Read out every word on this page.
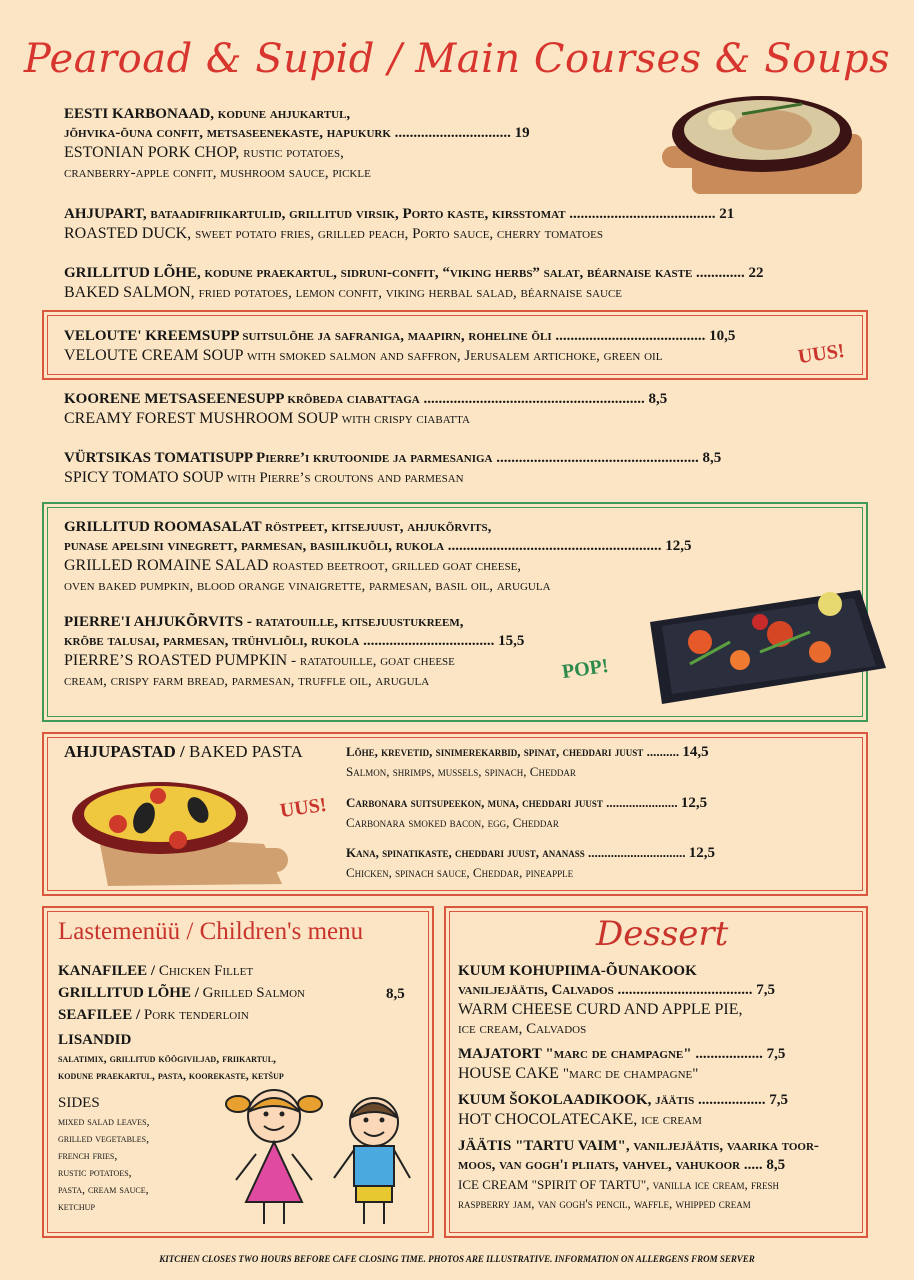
Pearoad & Supid / Main Courses & Soups
EESTI KARBONAAD, kodune ahjukartul,
jõhvika-õuna confit, metsaseenekaste, hapukurk ............................... 19
ESTONIAN PORK CHOP, rustic potatoes,
cranberry-apple confit, mushroom sauce, pickle
AHJUPART, bataadifriikartulid, grillitud virsik, Porto kaste, kirsstomat ....................................... 21
ROASTED DUCK, sweet potato fries, grilled peach, Porto sauce, cherry tomatoes
GRILLITUD LÕHE, kodune praekartul, sidruni-confit, “viking herbs” salat, béarnaise kaste ............. 22
BAKED SALMON, fried potatoes, lemon confit, viking herbal salad, béarnaise sauce
VELOUTE' KREEMSUPP suitsulõhe ja safraniga, maapirn, roheline õli ........................................ 10,5
VELOUTE CREAM SOUP with smoked salmon and saffron, Jerusalem artichoke, green oil	UUS!
KOORENE METSASEENESUPP krõbeda ciabattaga ........................................................... 8,5
CREAMY FOREST MUSHROOM SOUP with crispy ciabatta
VÜRTSIKAS TOMATISUPP Pierre’i krutoonide ja parmesaniga ...................................................... 8,5
SPICY TOMATO SOUP with Pierre’s croutons and parmesan
GRILLITUD ROOMASALAT röstpeet, kitsejuust, ahjukõrvits,
punase apelsini vinegrett, parmesan, basiilikuõli, rukola ......................................................... 12,5
GRILLED ROMAINE SALAD roasted beetroot, grilled goat cheese,
oven baked pumpkin, blood orange vinaigrette, parmesan, basil oil, arugula
PIERRE'I AHJUKÕRVITS - ratatouille, kitsejuustukreem,
krõbe talusai, parmesan, trühvliõli, rukola ................................... 15,5
PIERRE’S ROASTED PUMPKIN - ratatouille, goat cheese
cream, crispy farm bread, parmesan, truffle oil, arugula	POP!
AHJUPASTAD / BAKED PASTA
UUS!
Lõhe, krevetid, sinimerekarbid, spinat, cheddari juust .......... 14,5
Salmon, shrimps, mussels, spinach, Cheddar
Carbonara suitsupeekon, muna, cheddari juust ...................... 12,5
Carbonara smoked bacon, egg, Cheddar
Kana, spinatikaste, cheddari juust, ananass .............................. 12,5
Chicken, spinach sauce, Cheddar, pineapple
Lastemenüü / Children's menu
KANAFILEE / Chicken Fillet
GRILLITUD LÕHE / Grilled Salmon
SEAFILEE / Pork tenderloin
8,5
LISANDID
salatimix, grillitud köögiviljad, friikartul,
kodune praekartul, pasta, koorekaste, ketšup
SIDES
mixed salad leaves,
grilled vegetables,
french fries,
rustic potatoes,
pasta, cream sauce,
ketchup
Dessert
KUUM KOHUPIIMA-ÕUNAKOOK
vaniljejäätis, Calvados .................................... 7,5
WARM CHEESE CURD AND APPLE PIE,
ice cream, Calvados
MAJATORT "marc de champagne" .................. 7,5
HOUSE CAKE "marc de champagne"
KUUM ŠOKOLAADIKOOK, jäätis .................. 7,5
HOT CHOCOLATECAKE, ice cream
JÄÄTIS "TARTU VAIM", vaniljejäätis, vaarika toor-
moos, van gogh'i pliiats, vahvel, vahukoor ..... 8,5
ICE CREAM "SPIRIT OF TARTU", vanilla ice cream, fresh
raspberry jam, van gogh's pencil, waffle, whipped cream
KITCHEN CLOSES TWO HOURS BEFORE CAFE CLOSING TIME. PHOTOS ARE ILLUSTRATIVE. INFORMATION ON ALLERGENS FROM SERVER
